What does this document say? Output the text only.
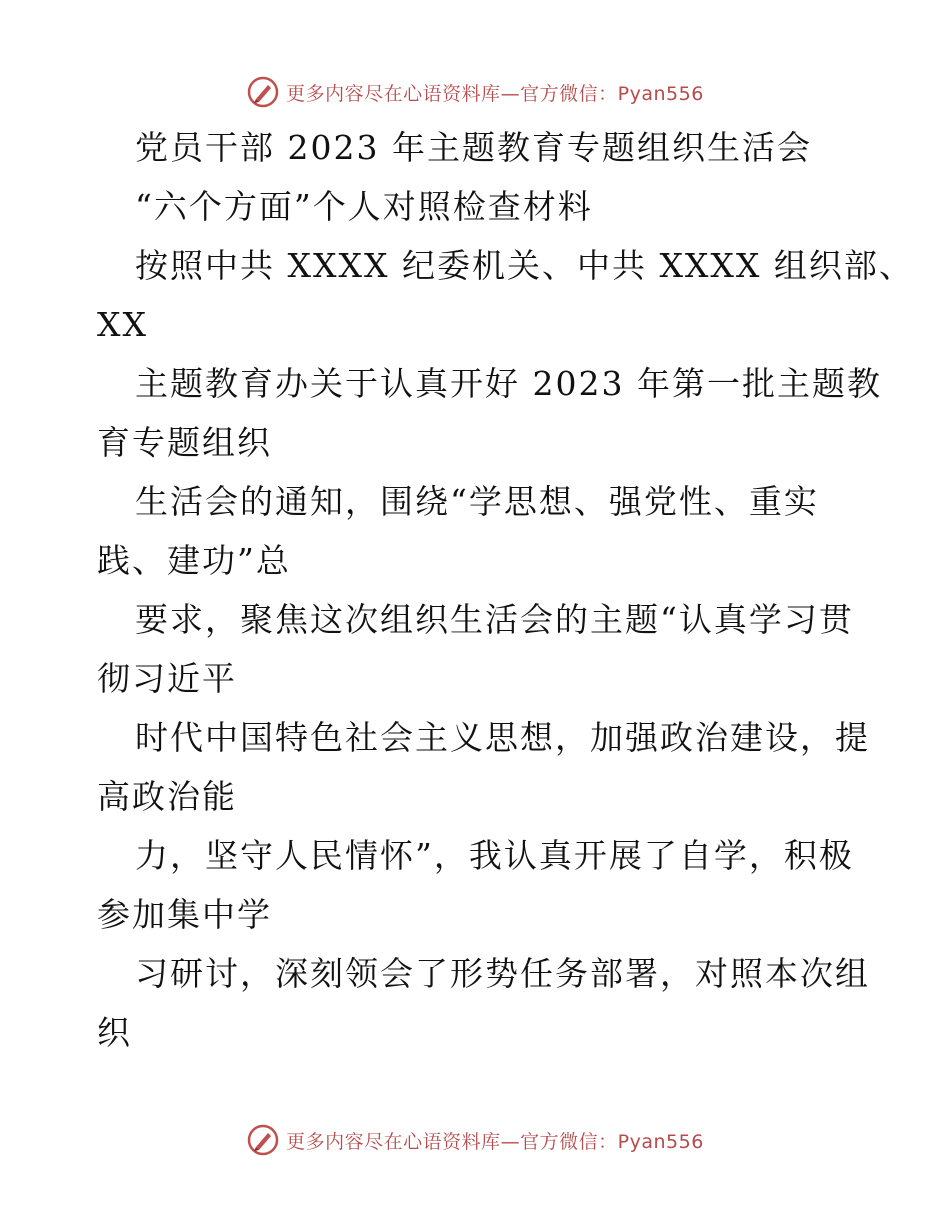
更多内容尽在心语资料库—官方微信：Pyan556
党员干部 2023 年主题教育专题组织生活会
“六个方面”个人对照检查材料
按照中共 XXXX 纪委机关、中共 XXXX 组织部、
XX
主题教育办关于认真开好 2023 年第一批主题教
育专题组织
生活会的通知，围绕“学思想、强党性、重实
践、建功”总
要求，聚焦这次组织生活会的主题“认真学习贯
彻习近平
时代中国特色社会主义思想，加强政治建设，提
高政治能
力，坚守人民情怀”，我认真开展了自学，积极
参加集中学
习研讨，深刻领会了形势任务部署，对照本次组
织
更多内容尽在心语资料库—官方微信：Pyan556
